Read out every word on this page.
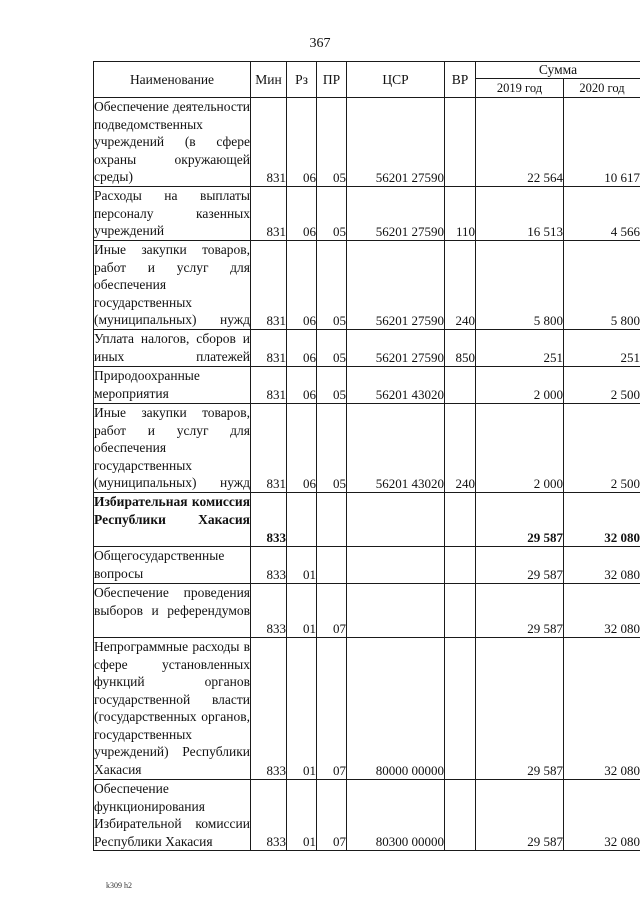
367
Наименование	Мин	Рз	ПР	ЦСР	ВР	Сумма	
						2019 год	2020 год
Обеспечение деятельности подведомственных учреждений (в сфере охраны окружающей среды)	831	06	05	56201 27590		22 564	10 617
Расходы на выплаты персоналу казенных учреждений	831	06	05	56201 27590	110	16 513	4 566
Иные закупки товаров, работ и услуг для обеспечения государственных (муниципальных) нужд	831	06	05	56201 27590	240	5 800	5 800
Уплата налогов, сборов и иных платежей	831	06	05	56201 27590	850	251	251
Природоохранные мероприятия	831	06	05	56201 43020		2 000	2 500
Иные закупки товаров, работ и услуг для обеспечения государственных (муниципальных) нужд	831	06	05	56201 43020	240	2 000	2 500
Избирательная комиссия Республики Хакасия	833					29 587	32 080
Общегосударственные вопросы	833	01				29 587	32 080
Обеспечение проведения выборов и референдумов	833	01	07			29 587	32 080
Непрограммные расходы в сфере установленных функций органов государственной власти (государственных органов, государственных учреждений) Республики Хакасия	833	01	07	80000 00000		29 587	32 080
Обеспечение функционирования Избирательной комиссии Республики Хакасия	833	01	07	80300 00000		29 587	32 080
k309 h2
